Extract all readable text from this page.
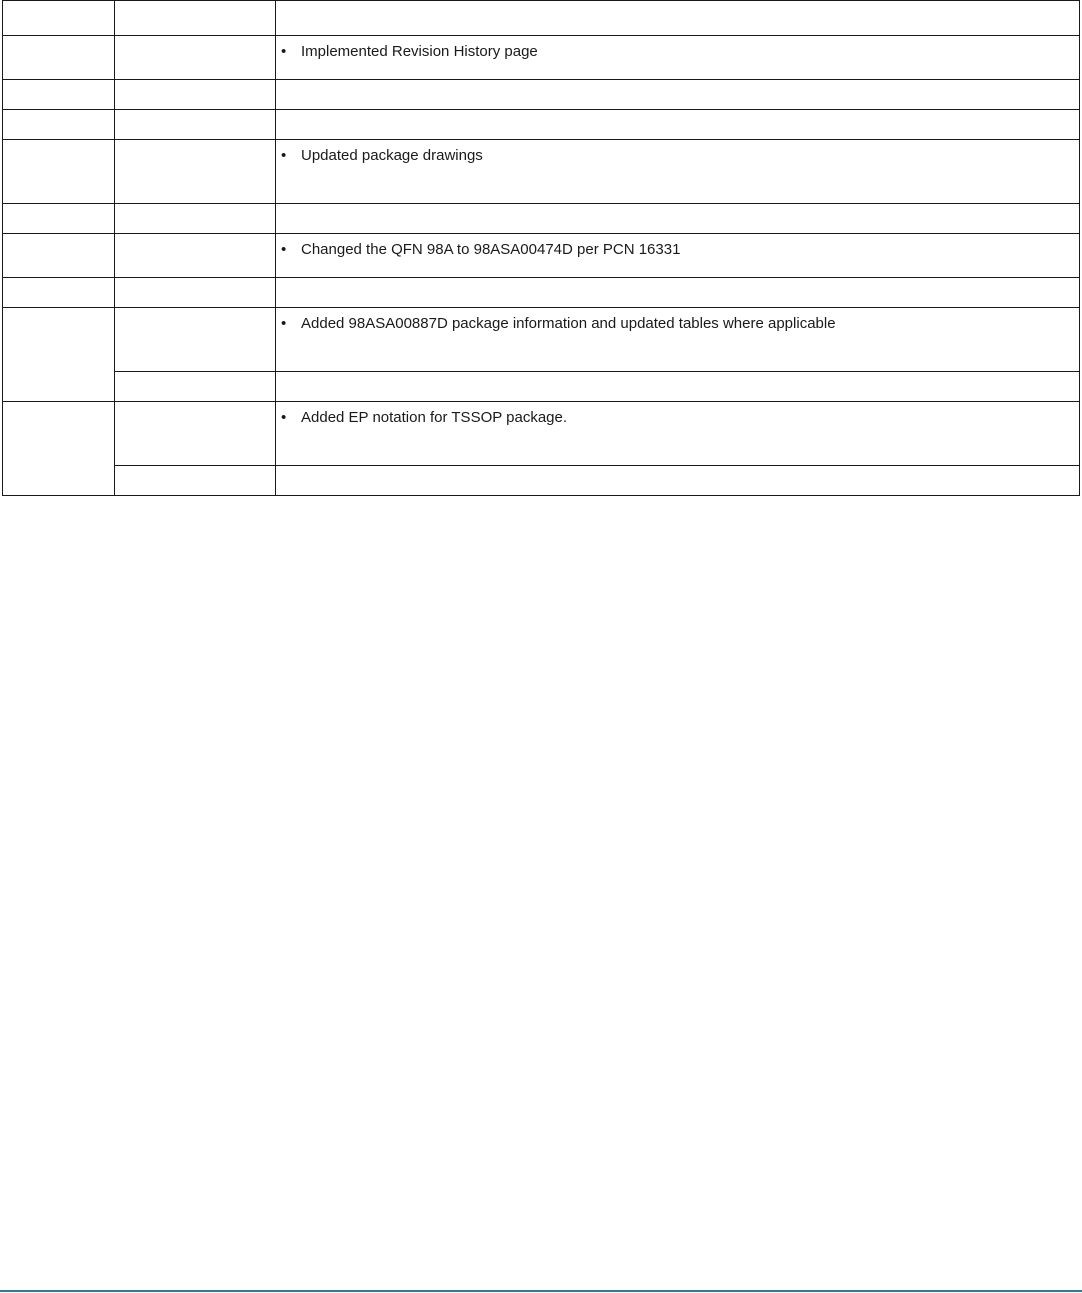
		• Implemented Revision History page

		• Updated package drawings

		• Changed the QFN 98A to 98ASA00474D per PCN 16331

		• Added 98ASA00887D package information and updated tables where applicable

		• Added EP notation for TSSOP package.
